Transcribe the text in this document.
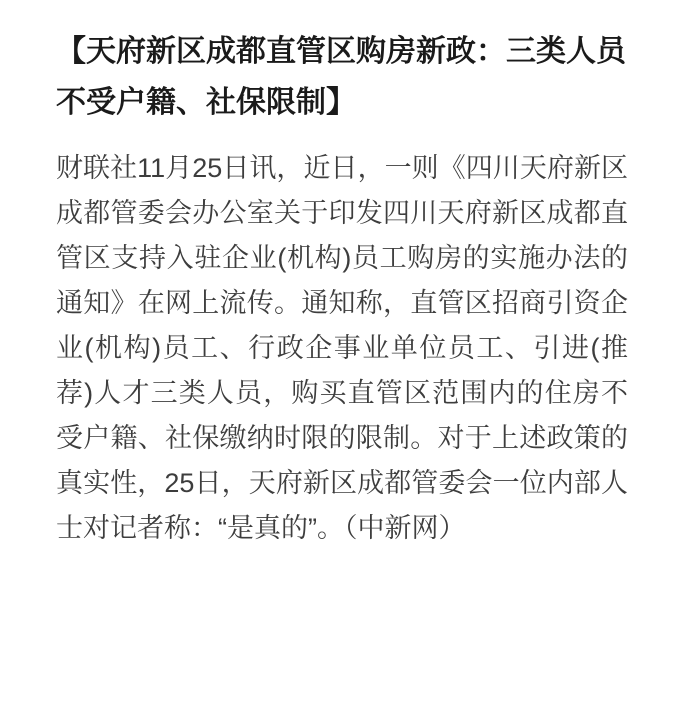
【天府新区成都直管区购房新政：三类人员不受户籍、社保限制】

财联社11月25日讯，近日，一则《四川天府新区成都管委会办公室关于印发四川天府新区成都直管区支持入驻企业(机构)员工购房的实施办法的通知》在网上流传。通知称，直管区招商引资企业(机构)员工、行政企事业单位员工、引进(推荐)人才三类人员，购买直管区范围内的住房不受户籍、社保缴纳时限的限制。对于上述政策的真实性，25日，天府新区成都管委会一位内部人士对记者称：“是真的”。（中新网）
